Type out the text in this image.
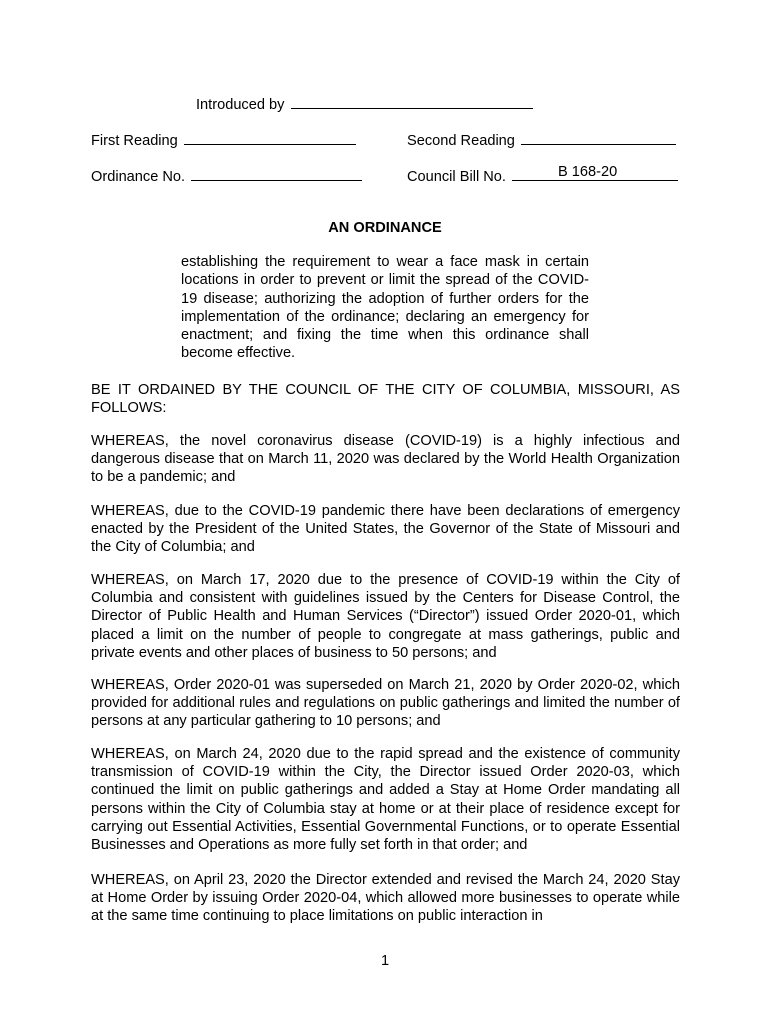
Introduced by
First Reading	Second Reading
Ordinance No.	Council Bill No.	B 168-20
AN ORDINANCE
establishing the requirement to wear a face mask in certain locations in order to prevent or limit the spread of the COVID-19 disease; authorizing the adoption of further orders for the implementation of the ordinance; declaring an emergency for enactment; and fixing the time when this ordinance shall become effective.

BE IT ORDAINED BY THE COUNCIL OF THE CITY OF COLUMBIA, MISSOURI, AS FOLLOWS:

WHEREAS, the novel coronavirus disease (COVID-19) is a highly infectious and dangerous disease that on March 11, 2020 was declared by the World Health Organization to be a pandemic; and

WHEREAS, due to the COVID-19 pandemic there have been declarations of emergency enacted by the President of the United States, the Governor of the State of Missouri and the City of Columbia; and

WHEREAS, on March 17, 2020 due to the presence of COVID-19 within the City of Columbia and consistent with guidelines issued by the Centers for Disease Control, the Director of Public Health and Human Services (“Director”) issued Order 2020-01, which placed a limit on the number of people to congregate at mass gatherings, public and private events and other places of business to 50 persons; and

WHEREAS, Order 2020-01 was superseded on March 21, 2020 by Order 2020-02, which provided for additional rules and regulations on public gatherings and limited the number of persons at any particular gathering to 10 persons; and

WHEREAS, on March 24, 2020 due to the rapid spread and the existence of community transmission of COVID-19 within the City, the Director issued Order 2020-03, which continued the limit on public gatherings and added a Stay at Home Order mandating all persons within the City of Columbia stay at home or at their place of residence except for carrying out Essential Activities, Essential Governmental Functions, or to operate Essential Businesses and Operations as more fully set forth in that order; and

WHEREAS, on April 23, 2020 the Director extended and revised the March 24, 2020 Stay at Home Order by issuing Order 2020-04, which allowed more businesses to operate while at the same time continuing to place limitations on public interaction in

1
